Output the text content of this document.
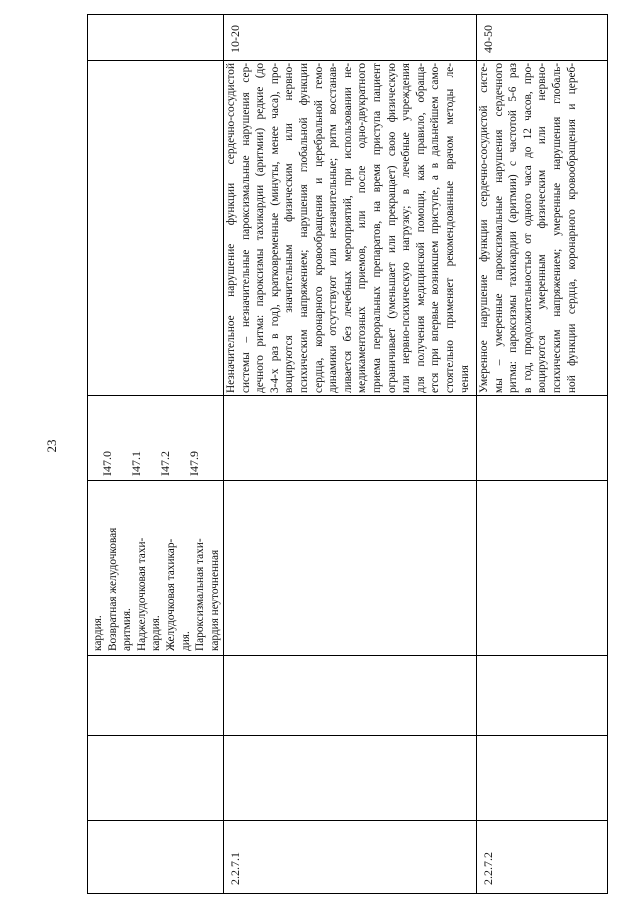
23
10-20
кардия. Возвратная желудочковая аритмия. Наджелудочковая тахи- кардия. Желудочковая тахикар- дия. Пароксизмальная тахи- кардия неуточненная
I47.0 I47.1 I47.2 I47.9
Незначительное нарушение функции сердечно-сосудистой системы – незначительные пароксизмальные нарушения сер- дечного ритма: пароксизмы тахикардии (аритмии) редкие (до 3-4-х раз в год), кратковременные (минуты, менее часа), про- воцируются значительным физическим или нервно- психическим напряжением; нарушения глобальной функции сердца, коронарного кровообращения и церебральной гемо- динамики отсутствуют или незначительные; ритм восстанав- ливается без лечебных мероприятий, при использовании не- медикаментозных приемов, или после одно-двукратного приема пероральных препаратов, на время приступа пациент ограничивает (уменьшает или прекращает) свою физическую или нервно-психическую нагрузку; в лечебные учреждения для получения медицинской помощи, как правило, обраща- ется при впервые возникшем приступе, а в дальнейшем само- стоятельно применяет рекомендованные врачом методы ле- чения
2.2.7.1
Умеренное нарушение функции сердечно-сосудистой систе- мы – умеренные пароксизмальные нарушения сердечного ритма: пароксизмы тахикардии (аритмии) с частотой 5-6 раз в год, продолжительностью от одного часа до 12 часов, про- воцируются умеренным физическим или нервно- психическим напряжением; умеренные нарушения глобаль- ной функции сердца, коронарного кровообращения и цереб-
40-50
2.2.7.2
